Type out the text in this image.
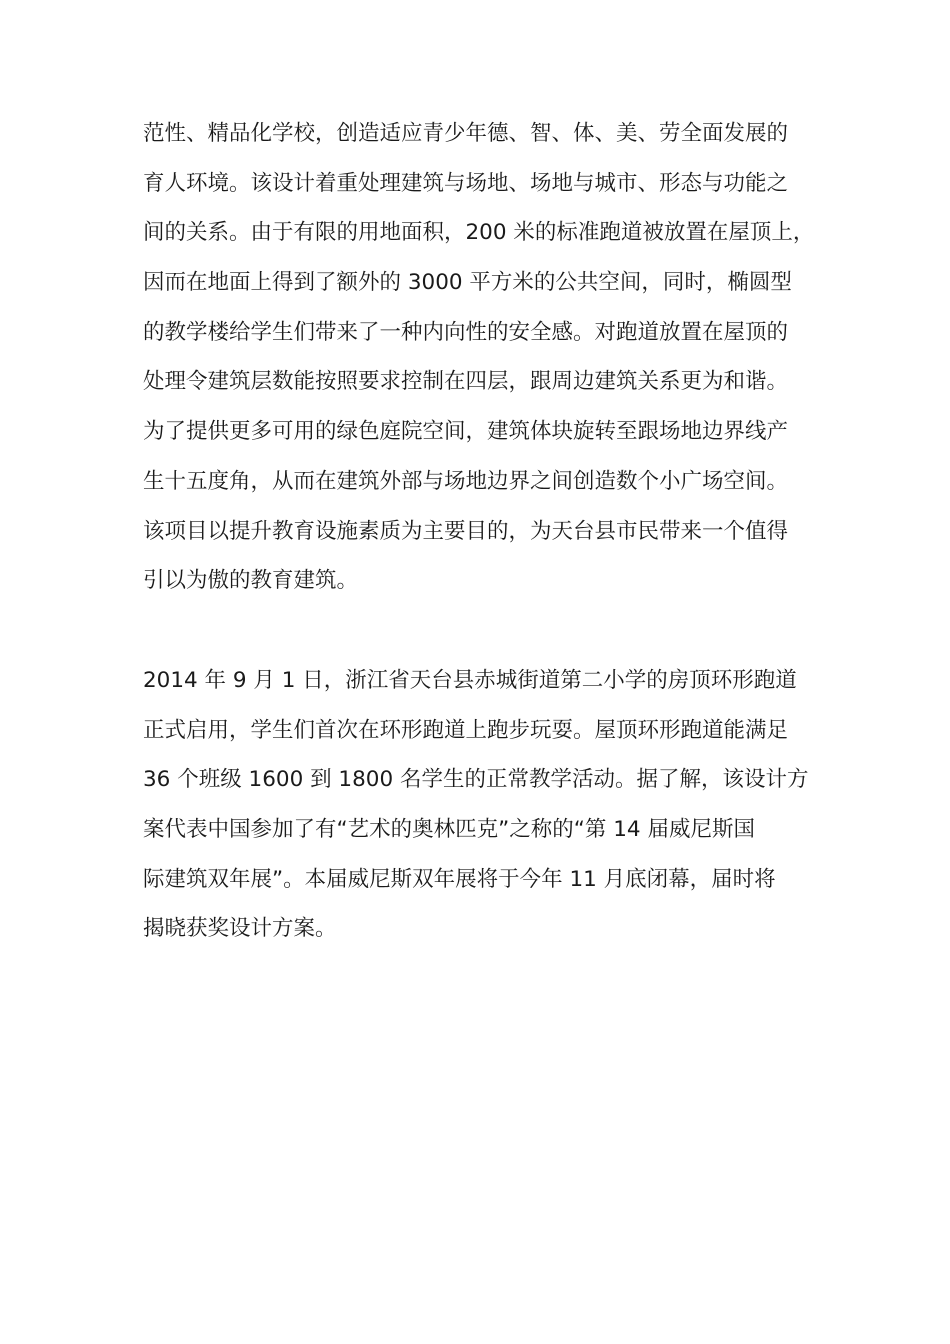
范性、精品化学校，创造适应青少年德、智、体、美、劳全面发展的
育人环境。该设计着重处理建筑与场地、场地与城市、形态与功能之
间的关系。由于有限的用地面积，200 米的标准跑道被放置在屋顶上，
因而在地面上得到了额外的 3000 平方米的公共空间，同时，椭圆型
的教学楼给学生们带来了一种内向性的安全感。对跑道放置在屋顶的
处理令建筑层数能按照要求控制在四层，跟周边建筑关系更为和谐。
为了提供更多可用的绿色庭院空间，建筑体块旋转至跟场地边界线产
生十五度角，从而在建筑外部与场地边界之间创造数个小广场空间。
该项目以提升教育设施素质为主要目的，为天台县市民带来一个值得
引以为傲的教育建筑。
2014 年 9 月 1 日，浙江省天台县赤城街道第二小学的房顶环形跑道
正式启用，学生们首次在环形跑道上跑步玩耍。屋顶环形跑道能满足
36 个班级 1600 到 1800 名学生的正常教学活动。据了解，该设计方
案代表中国参加了有“艺术的奥林匹克”之称的“第 14 届威尼斯国
际建筑双年展”。本届威尼斯双年展将于今年 11 月底闭幕，届时将
揭晓获奖设计方案。
